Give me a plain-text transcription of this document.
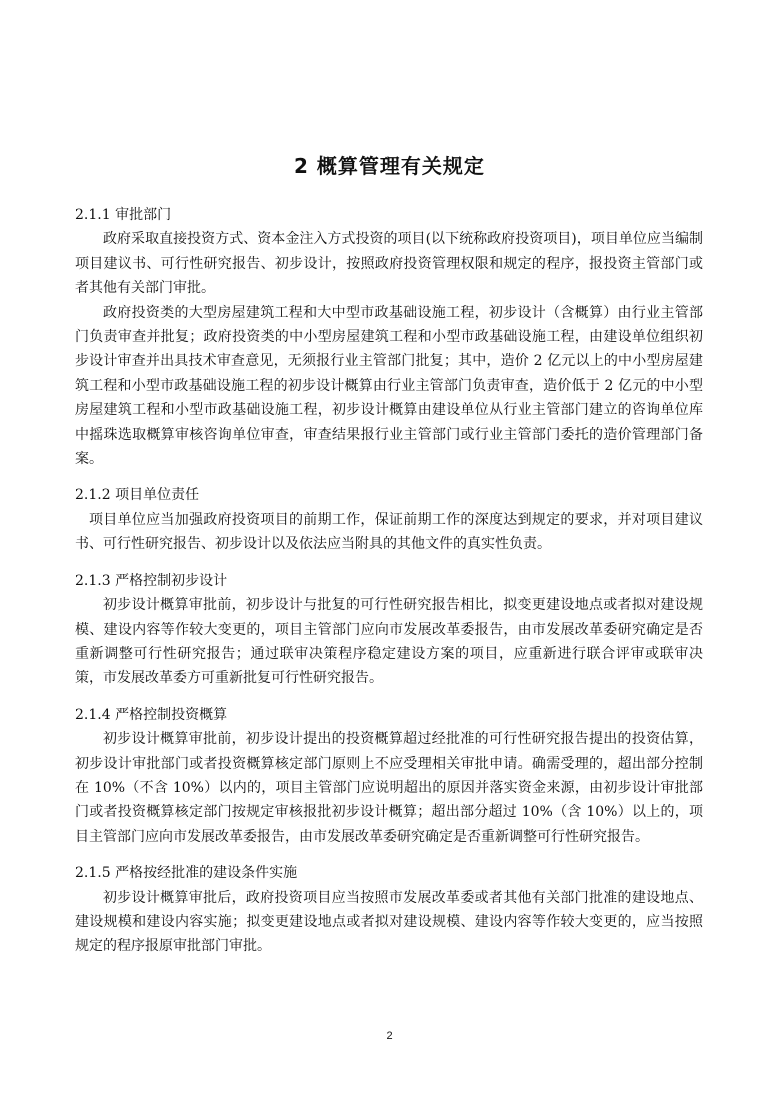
2 概算管理有关规定

2.1.1 审批部门

政府采取直接投资方式、资本金注入方式投资的项目(以下统称政府投资项目)，项目单位应当编制项目建议书、可行性研究报告、初步设计，按照政府投资管理权限和规定的程序，报投资主管部门或者其他有关部门审批。

政府投资类的大型房屋建筑工程和大中型市政基础设施工程，初步设计（含概算）由行业主管部门负责审查并批复；政府投资类的中小型房屋建筑工程和小型市政基础设施工程，由建设单位组织初步设计审查并出具技术审查意见，无须报行业主管部门批复；其中，造价 2 亿元以上的中小型房屋建筑工程和小型市政基础设施工程的初步设计概算由行业主管部门负责审查，造价低于 2 亿元的中小型房屋建筑工程和小型市政基础设施工程，初步设计概算由建设单位从行业主管部门建立的咨询单位库中摇珠选取概算审核咨询单位审查，审查结果报行业主管部门或行业主管部门委托的造价管理部门备案。

2.1.2 项目单位责任

项目单位应当加强政府投资项目的前期工作，保证前期工作的深度达到规定的要求，并对项目建议书、可行性研究报告、初步设计以及依法应当附具的其他文件的真实性负责。

2.1.3 严格控制初步设计

初步设计概算审批前，初步设计与批复的可行性研究报告相比，拟变更建设地点或者拟对建设规模、建设内容等作较大变更的，项目主管部门应向市发展改革委报告，由市发展改革委研究确定是否重新调整可行性研究报告；通过联审决策程序稳定建设方案的项目，应重新进行联合评审或联审决策，市发展改革委方可重新批复可行性研究报告。

2.1.4 严格控制投资概算

初步设计概算审批前，初步设计提出的投资概算超过经批准的可行性研究报告提出的投资估算，初步设计审批部门或者投资概算核定部门原则上不应受理相关审批申请。确需受理的，超出部分控制在 10%（不含 10%）以内的，项目主管部门应说明超出的原因并落实资金来源，由初步设计审批部门或者投资概算核定部门按规定审核报批初步设计概算；超出部分超过 10%（含 10%）以上的，项目主管部门应向市发展改革委报告，由市发展改革委研究确定是否重新调整可行性研究报告。

2.1.5 严格按经批准的建设条件实施

初步设计概算审批后，政府投资项目应当按照市发展改革委或者其他有关部门批准的建设地点、建设规模和建设内容实施；拟变更建设地点或者拟对建设规模、建设内容等作较大变更的，应当按照规定的程序报原审批部门审批。

2
